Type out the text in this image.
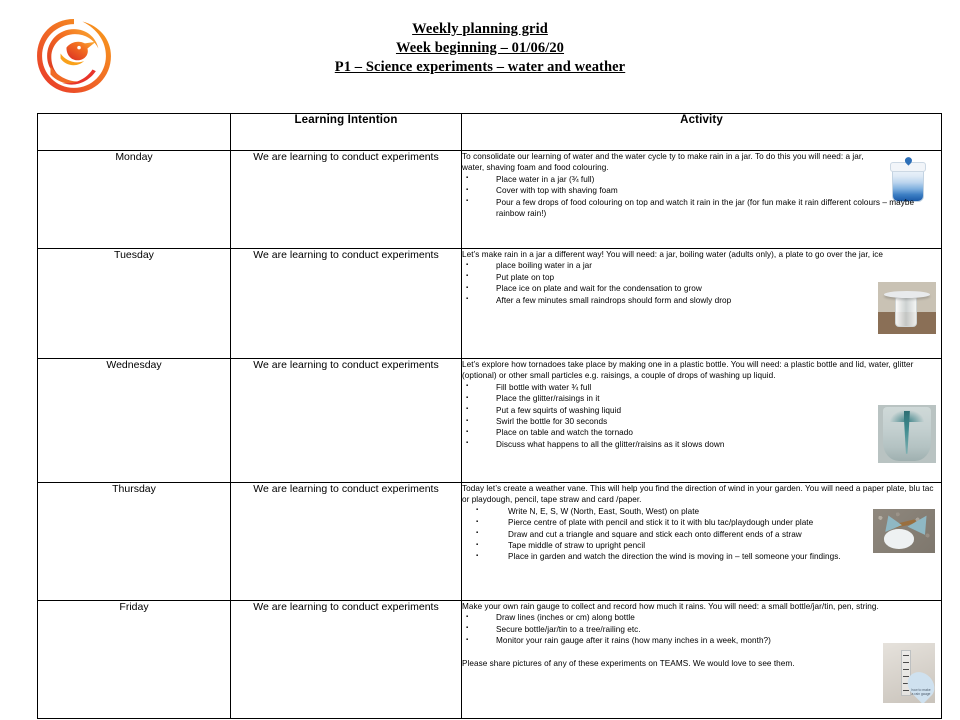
Weekly planning grid
Week beginning – 01/06/20
P1 – Science experiments – water and weather
	Learning Intention	Activity
Monday	We are learning to conduct experiments	To consolidate our learning of water and the water cycle ty to make rain in a jar. To do this you will need: a jar, water, shaving foam and food colouring.

▪ Place water in a jar (¾ full)
▪ Cover with top with shaving foam
▪ Pour a few drops of food colouring on top and watch it rain in the jar (for fun make it rain different colours – maybe rainbow rain!)

Tuesday	We are learning to conduct experiments	Let’s make rain in a jar a different way! You will need: a jar, boiling water (adults only), a plate to go over the jar, ice

▪ place boiling water in a jar
▪ Put plate on top
▪ Place ice on plate and wait for the condensation to grow
▪ After a few minutes small raindrops should form and slowly drop

Wednesday	We are learning to conduct experiments	Let’s explore how tornadoes take place by making one in a plastic bottle. You will need: a plastic bottle and lid, water, glitter (optional) or other small particles e.g. raisings, a couple of drops of washing up liquid.

▪ Fill bottle with water ¾ full
▪ Place the glitter/raisings in it
▪ Put a few squirts of washing liquid
▪ Swirl the bottle for 30 seconds
▪ Place on table and watch the tornado
▪ Discuss what happens to all the glitter/raisins as it slows down

Thursday	We are learning to conduct experiments	Today let’s create a weather vane. This will help you find the direction of wind in your garden. You will need a paper plate, blu tac or playdough, pencil, tape straw and card /paper.

▪ Write N, E, S, W (North, East, South, West) on plate
▪ Pierce centre of plate with pencil and stick it to it with blu tac/playdough under plate
▪ Draw and cut a triangle and square and stick each onto different ends of a straw
▪ Tape middle of straw to upright pencil
▪ Place in garden and watch the direction the wind is moving in – tell someone your findings.

Friday	We are learning to conduct experiments	
how to make a rain gauge

Make your own rain gauge to collect and record how much it rains. You will need: a small bottle/jar/tin, pen, string.

▪ Draw lines (inches or cm) along bottle
▪ Secure bottle/jar/tin to a tree/railing etc.
▪ Monitor your rain gauge after it rains (how many inches in a week, month?)

Please share pictures of any of these experiments on TEAMS. We would love to see them.
